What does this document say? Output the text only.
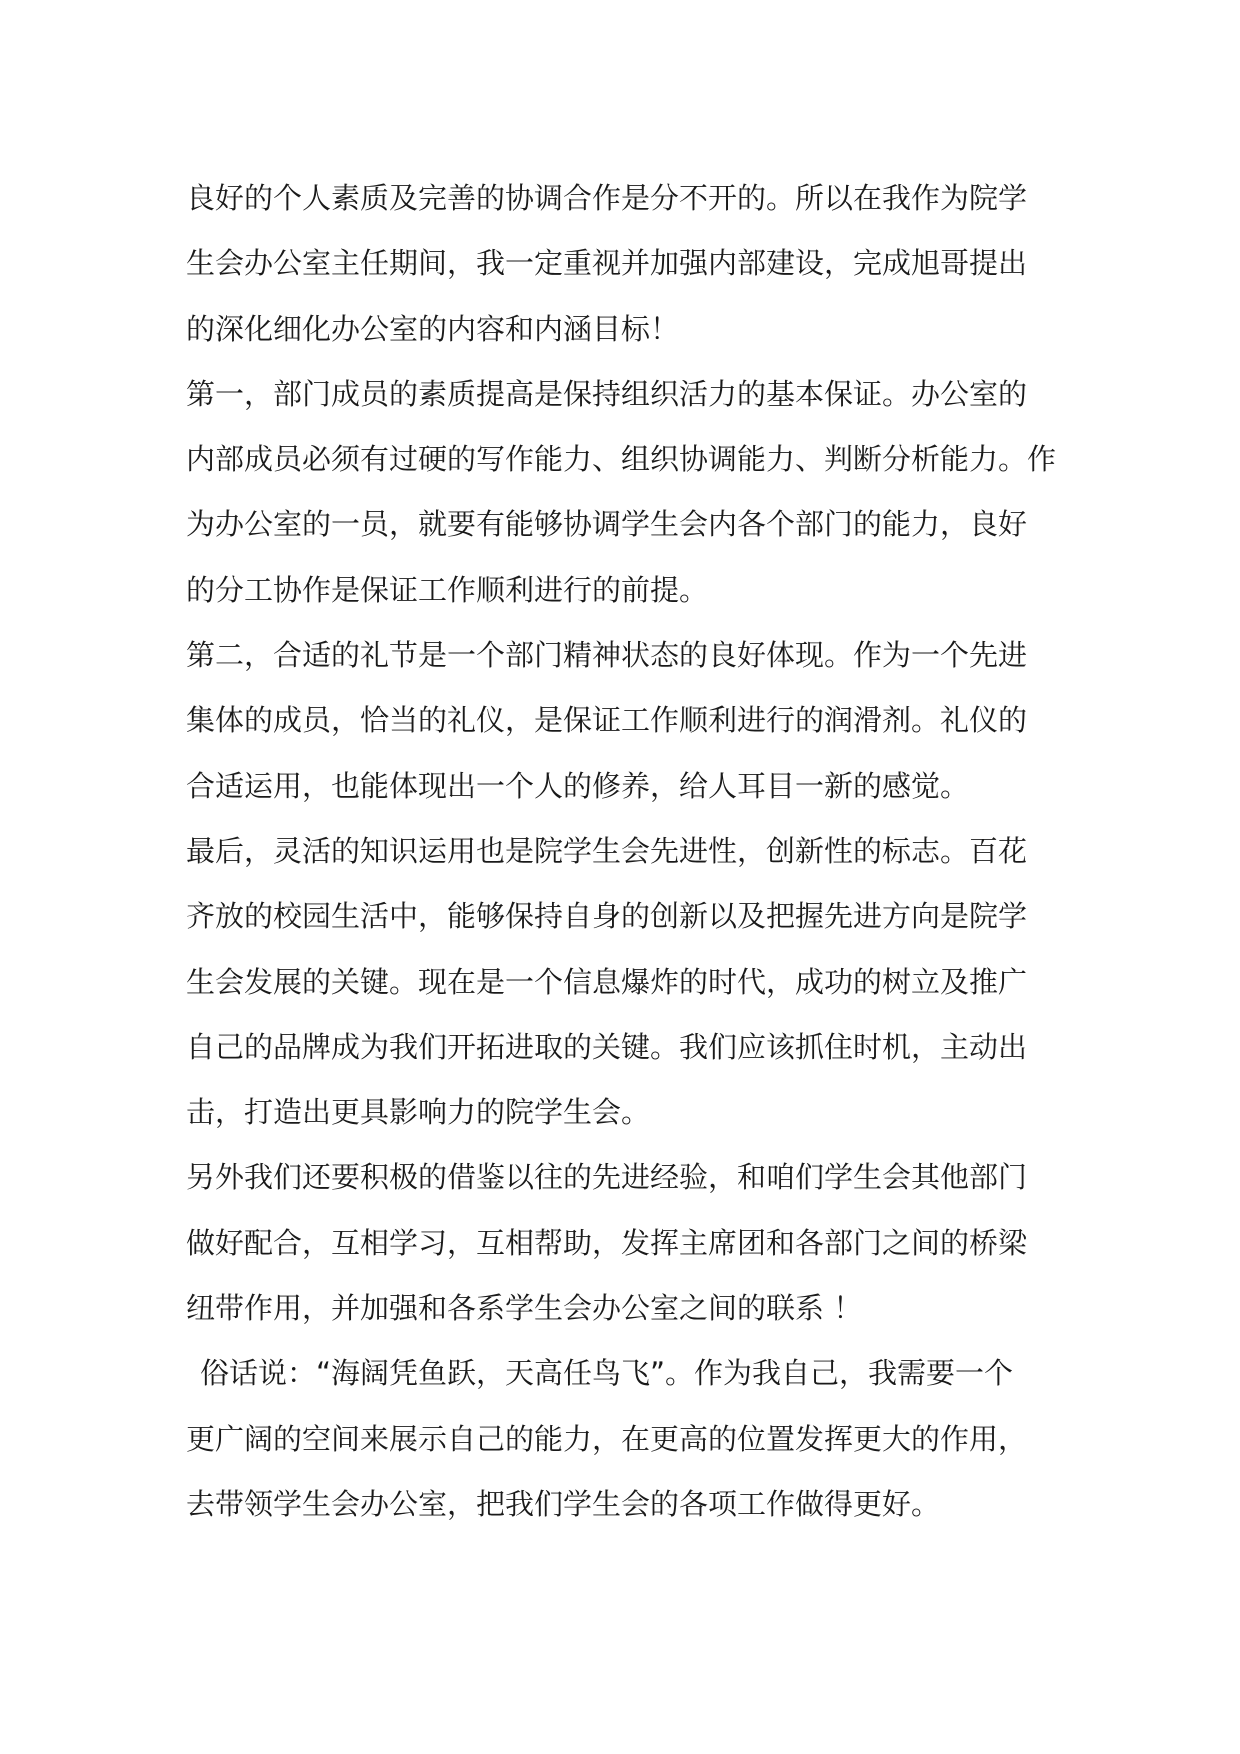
良好的个人素质及完善的协调合作是分不开的。所以在我作为院学
生会办公室主任期间，我一定重视并加强内部建设，完成旭哥提出
的深化细化办公室的内容和内涵目标！
第一，部门成员的素质提高是保持组织活力的基本保证。办公室的
内部成员必须有过硬的写作能力、组织协调能力、判断分析能力。作
为办公室的一员，就要有能够协调学生会内各个部门的能力，良好
的分工协作是保证工作顺利进行的前提。
第二，合适的礼节是一个部门精神状态的良好体现。作为一个先进
集体的成员，恰当的礼仪，是保证工作顺利进行的润滑剂。礼仪的
合适运用，也能体现出一个人的修养，给人耳目一新的感觉。
最后，灵活的知识运用也是院学生会先进性，创新性的标志。百花
齐放的校园生活中，能够保持自身的创新以及把握先进方向是院学
生会发展的关键。现在是一个信息爆炸的时代，成功的树立及推广
自己的品牌成为我们开拓进取的关键。我们应该抓住时机，主动出
击，打造出更具影响力的院学生会。
另外我们还要积极的借鉴以往的先进经验，和咱们学生会其他部门
做好配合，互相学习，互相帮助，发挥主席团和各部门之间的桥梁
纽带作用，并加强和各系学生会办公室之间的联系 ！
俗话说：“海阔凭鱼跃，天高任鸟飞”。作为我自己，我需要一个
更广阔的空间来展示自己的能力，在更高的位置发挥更大的作用，
去带领学生会办公室，把我们学生会的各项工作做得更好。
